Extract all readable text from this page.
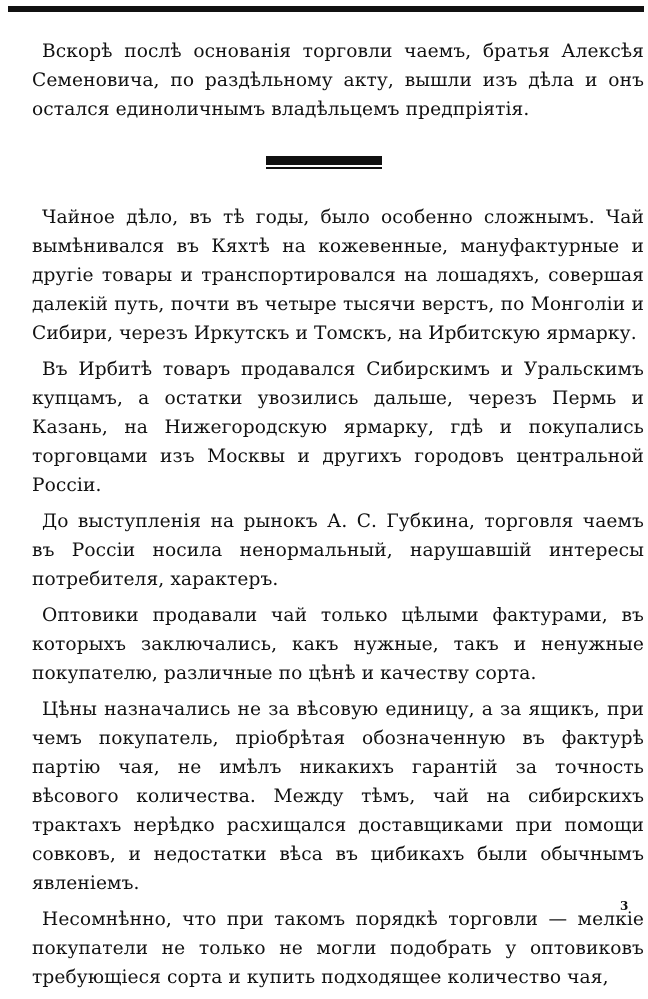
Вскорѣ послѣ основанія торговли чаемъ, братья Алексѣя Семеновича, по раздѣльному акту, вышли изъ дѣла и онъ остался единоличнымъ владѣльцемъ предпріятія.

Чайное дѣло, въ тѣ годы, было особенно сложнымъ. Чай вымѣнивался въ Кяхтѣ на кожевенные, мануфактурные и другіе товары и транспортировался на лошадяхъ, совершая далекій путь, почти въ четыре тысячи верстъ, по Монголіи и Сибири, черезъ Иркутскъ и Томскъ, на Ирбитскую ярмарку.

Въ Ирбитѣ товаръ продавался Сибирскимъ и Уральскимъ купцамъ, а остатки увозились дальше, черезъ Пермь и Казань, на Нижегородскую ярмарку, гдѣ и покупались торговцами изъ Москвы и другихъ городовъ центральной Россіи.

До выступленія на рынокъ А. С. Губкина, торговля чаемъ въ Россіи носила ненормальный, нарушавшій интересы потребителя, характеръ.

Оптовики продавали чай только цѣлыми фактурами, въ которыхъ заключались, какъ нужные, такъ и ненужные покупателю, различные по цѣнѣ и качеству сорта.

Цѣны назначались не за вѣсовую единицу, а за ящикъ, при чемъ покупатель, пріобрѣтая обозначенную въ фактурѣ партію чая, не имѣлъ никакихъ гарантій за точность вѣсового количества. Между тѣмъ, чай на сибирскихъ трактахъ нерѣдко расхищался доставщиками при помощи совковъ, и недостатки вѣса въ цибикахъ были обычнымъ явленіемъ.

Несомнѣнно, что при такомъ порядкѣ торговли — мелкіе покупатели не только не могли подобрать у оптовиковъ требующіеся сорта и купить подходящее количество чая,

3
